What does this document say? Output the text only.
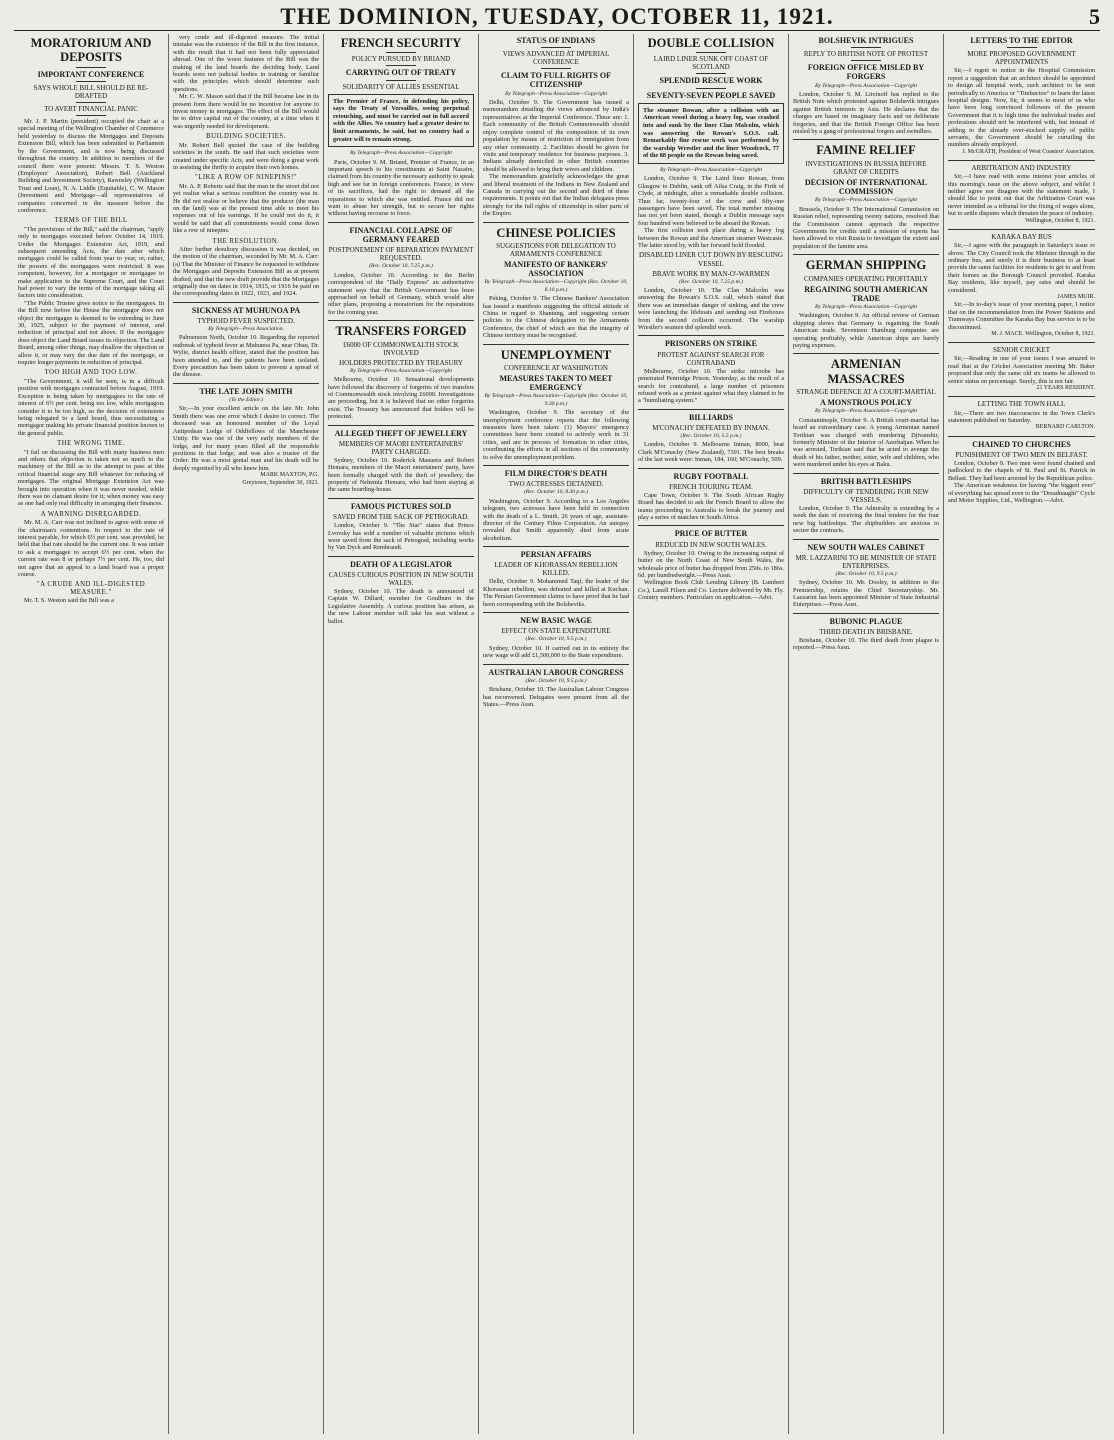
THE DOMINION, TUESDAY, OCTOBER 11, 1921.	5
MORATORIUM AND DEPOSITS
IMPORTANT CONFERENCE
SAYS WHOLE BILL SHOULD BE RE-DRAFTED
TO AVERT FINANCIAL PANIC

Mr. J. P. Martin (president) occupied the chair at a special meeting of the Wellington Chamber of Commerce held yesterday to discuss the Mortgages and Deposits Extension Bill, which has been submitted to Parliament by the Government, and is now being discussed throughout the country. In addition to members of the council there were present: Messrs. T. S. Weston (Employers' Association), Robert Bell (Auckland Building and Investment Society), Rawnsley (Wellington Trust and Loan), N. A. Liddle (Equitable), C. W. Mason (Investment and Mortgage—all representatives of companies concerned in the measure before the conference.

TERMS OF THE BILL

"The provisions of the Bill," said the chairman, "apply only to mortgages executed before October 14, 1919. Under the Mortgages Extension Act, 1919, and subsequent amending Acts, the date after which mortgages could be called from year to year, or, rather, the powers of the mortgagees were restricted. It was competent, however, for a mortgagor or mortgagee to make application to the Supreme Court, and the Court had power to vary the terms of the mortgage taking all factors into consideration.

"The Public Trustee gives notice to the mortgagees. In the Bill now before the House the mortgagor does not object the mortgagee is deemed to be extending to June 30, 1925, subject to the payment of interest, and reduction of principal and not above. If the mortgagee does object the Land Board issues its objection. The Land Board, among other things, may disallow the objection or allow it, or may vary the due date of the mortgage, or require longer payments in reduction of principal.

TOO HIGH AND TOO LOW.

"The Government, it will be seen, is in a difficult position with mortgages contracted before August, 1919. Exception is being taken by mortgagees to the rate of interest of 6½ per cent. being too low, while mortgagors consider it to be too high, so the decision of extensions being relegated to a land board, thus necessitating a mortgagor making his private financial position known to the general public.

THE WRONG TIME.

"I fail on discussing the Bill with many business men and others that objection is taken not so much to the machinery of the Bill as to the attempt to pass at this critical financial stage any Bill whatever for reducing of mortgages. The original Mortgage Extension Act was brought into operation when it was never needed, while there was no clamant desire for it; when money was easy as one had only real difficulty in arranging their finances.

A WARNING DISREGARDED.

Mr. M. A. Carr was not inclined to agree with some of the chairman's contentions. In respect to the rate of interest payable, for which 6½ per cent. was provided, he held that that rate should be the current one. It was unfair to ask a mortgagee to accept 6½ per cent. when the current rate was 8 or perhaps 7½ per cent. He, too, did not agree that an appeal to a land board was a proper course.

"A CRUDE AND ILL-DIGESTED MEASURE."

Mr. T. S. Weston said the Bill was a

very crude and ill-digested measure. The initial mistake was the existence of the Bill in the first instance, with the result that it had not been fully appreciated abroad. One of the worst features of the Bill was the making of the land boards the deciding body. Land boards were not judicial bodies in training or familiar with the principles which should determine such questions.

Mr. C. W. Mason said that if the Bill became law in its present form there would be no incentive for anyone to invest money in mortgages. The effect of the Bill would be to drive capital out of the country, at a time when it was urgently needed for development.

BUILDING SOCIETIES.

Mr. Robert Bell quoted the case of the building societies in the south. He said that such societies were created under specific Acts, and were doing a great work in assisting the thrifty to acquire their own homes.

"LIKE A ROW OF NINEPINS!"

Mr. A. P. Roberts said that the man in the street did not yet realise what a serious condition the country was in. He did not realise or believe that the producer (the man on the land) was at the present time able to meet his expenses out of his earnings. If he could not do it, it would be said that all commitments would come down like a row of ninepins.

THE RESOLUTION.

After further desultory discussion it was decided, on the motion of the chairman, seconded by Mr. M. A. Carr: (a) That the Minister of Finance be requested to withdraw the Mortgages and Deposits Extension Bill as at present drafted, and that the new draft provide that the Mortgages originally due on dates in 1914, 1915, or 1916 be paid on the corresponding dates in 1922, 1923, and 1924.

SICKNESS AT MUHUNOA PA
TYPHOID FEVER SUSPECTED.
By Telegraph—Press Association.

Palmerston North, October 10. Regarding the reported outbreak of typhoid fever at Muhunoa Pa, near Ohau, Dr. Wylie, district health officer, stated that the position has been attended to, and the patients have been isolated. Every precaution has been taken to prevent a spread of the disease.

THE LATE JOHN SMITH
(To the Editor.)

Sir,—In your excellent article on the late Mr. John Smith there was one error which I desire to correct. The deceased was an honoured member of the Loyal Antipodean Lodge of Oddfellows of the Manchester Unity. He was one of the very early members of the lodge, and for many years filled all the responsible positions in that lodge, and was also a trustee of the Order. He was a most genial man and his death will be deeply regretted by all who knew him.

MARK MAXTON, P.G.

Greytown, September 30, 1921.

FRENCH SECURITY
POLICY PURSUED BY BRIAND
CARRYING OUT OF TREATY
SOLIDARITY OF ALLIES ESSENTIAL
The Premier of France, in defending his policy, says the Treaty of Versailles, seeing perpetual retouching, and must be carried out in full accord with the Allies. No country had a greater desire to limit armaments, he said, but no country had a greater will to remain strong.
By Telegraph—Press Association—Copyright

Paris, October 9. M. Briand, Premier of France, in an important speech to his constituents at Saint Nazaire, claimed from his country the necessary authority to speak high and see far in foreign conferences. France, in view of its sacrifices, had the right to demand all the reparations to which she was entitled. France did not want to abuse her strength, but to secure her rights without having recourse to force.

FINANCIAL COLLAPSE OF GERMANY FEARED
POSTPONEMENT OF REPARATION PAYMENT REQUESTED.
(Rec. October 10, 7.25 p.m.)

London, October 10. According to the Berlin correspondent of the "Daily Express" an authoritative statement says that the British Government has been approached on behalf of Germany, which would alter other plans, proposing a moratorium for the reparations for the coming year.

TRANSFERS FORGED
£6000 OF COMMONWEALTH STOCK INVOLVED
HOLDERS PROTECTED BY TREASURY
By Telegraph—Press Association—Copyright

Melbourne, October 10. Sensational developments have followed the discovery of forgeries of two transfers of Commonwealth stock involving £6000. Investigations are proceeding, but it is believed that no other forgeries exist. The Treasury has announced that holders will be protected.

ALLEGED THEFT OF JEWELLERY
MEMBERS OF MAORI ENTERTAINERS' PARTY CHARGED.

Sydney, October 10. Roderick Manuera and Robert Hemara, members of the Maori entertainers' party, have been formally charged with the theft of jewellery, the property of Nehemia Hemara, who had been staying at the same boarding-house.

FAMOUS PICTURES SOLD
SAVED FROM THE SACK OF PETROGRAD.

London, October 9. "The Star" states that Prince Lvovsky has sold a number of valuable pictures which were saved from the sack of Petrograd, including works by Van Dyck and Rembrandt.

DEATH OF A LEGISLATOR
CAUSES CURIOUS POSITION IN NEW SOUTH WALES.

Sydney, October 10. The death is announced of Captain W. Dillard, member for Goulburn in the Legislative Assembly. A curious position has arisen, as the new Labour member will take his seat without a ballot.

STATUS OF INDIANS
VIEWS ADVANCED AT IMPERIAL CONFERENCE
CLAIM TO FULL RIGHTS OF CITIZENSHIP
By Telegraph—Press Association—Copyright

Delhi, October 9. The Government has issued a memorandum detailing the views advanced by India's representatives at the Imperial Conference. These are: 1. Each community of the British Commonwealth should enjoy complete control of the composition of its own population by means of restriction of immigration from any other community. 2. Facilities should be given for visits and temporary residence for business purposes. 3. Indians already domiciled in other British countries should be allowed to bring their wives and children.

The memorandum gratefully acknowledges the great and liberal treatment of the Indians in New Zealand and Canada in carrying out the second and third of these requirements. It points out that the Indian delegates press strongly for the full rights of citizenship in other parts of the Empire.

CHINESE POLICIES
SUGGESTIONS FOR DELEGATION TO ARMAMENTS CONFERENCE
MANIFESTO OF BANKERS' ASSOCIATION
By Telegraph—Press Association—Copyright (Rec. October 10, 8.10 p.m.)

Peking, October 9. The Chinese Bankers' Association has issued a manifesto suggesting the official attitude of China in regard to Shantung, and suggesting certain policies to the Chinese delegation to the Armaments Conference, the chief of which are that the integrity of Chinese territory must be recognised.

UNEMPLOYMENT
CONFERENCE AT WASHINGTON
MEASURES TAKEN TO MEET EMERGENCY
By Telegraph—Press Association—Copyright (Rec. October 10, 9.30 p.m.)

Washington, October 9. The secretary of the unemployment conference reports that the following measures have been taken: (1) Mayors' emergency committees have been created to actively work in 31 cities, and are in process of formation in other cities, coordinating the efforts in all sections of the community to solve the unemployment problem.

FILM DIRECTOR'S DEATH
TWO ACTRESSES DETAINED.
(Rec. October 10, 8.30 p.m.)

Washington, October 9. According to a Los Angeles telegram, two actresses have been held in connection with the death of a L. Smith, 26 years of age, assistant-director of the Century Films Corporation. An autopsy revealed that Smith apparently died from acute alcoholism.

PERSIAN AFFAIRS
LEADER OF KHORASSAN REBELLION KILLED.

Delhi, October 9. Mohammed Taqi, the leader of the Khorassan rebellion, was defeated and killed at Kuchan. The Persian Government claims to have proof that he had been corresponding with the Bolsheviks.

NEW BASIC WAGE
EFFECT ON STATE EXPENDITURE
(Rec. October 10, 9.5 p.m.)

Sydney, October 10. If carried out in its entirety the new wage will add £1,500,000 to the State expenditure.

AUSTRALIAN LABOUR CONGRESS
(Rec. October 10, 9.5 p.m.)

Brisbane, October 10. The Australian Labour Congress has reconvened. Delegates were present from all the States.—Press Assn.

DOUBLE COLLISION
LAIRD LINER SUNK OFF COAST OF SCOTLAND
SPLENDID RESCUE WORK
SEVENTY-SEVEN PEOPLE SAVED
The steamer Rowan, after a collision with an American vessel during a heavy fog, was crashed into and sunk by the liner Clan Malcolm, which was answering the Rowan's S.O.S. call. Remarkably fine rescue work was performed by the warship Wrestler and the liner Woodcock, 77 of the 88 people on the Rowan being saved.
By Telegraph—Press Association—Copyright

London, October 9. The Laird liner Rowan, from Glasgow to Dublin, sank off Ailsa Craig, in the Firth of Clyde, at midnight, after a remarkable double collision. Thus far, twenty-four of the crew and fifty-one passengers have been saved. The total number missing has not yet been stated, though a Dublin message says four hundred were believed to be aboard the Rowan.

The first collision took place during a heavy fog between the Rowan and the American steamer Westcaste. The latter stood by, with her forward hold flooded.

DISABLED LINER CUT DOWN BY RESCUING VESSEL
BRAVE WORK BY MAN-O'-WARMEN
(Rec. October 10, 7.25 p.m.)

London, October 10. The Clan Malcolm was answering the Rowan's S.O.S. call, which stated that there was an immediate danger of sinking, and the crew were launching the lifeboats and sending out Fireboxes from the second collision occurred. The warship Wrestler's seamen did splendid work.

PRISONERS ON STRIKE
PROTEST AGAINST SEARCH FOR CONTRABAND

Melbourne, October 10. The strike microbe has penetrated Pentridge Prison. Yesterday, as the result of a search for contraband, a large number of prisoners refused work as a protest against what they claimed to be a "humiliating system."

BILLIARDS
M'CONACHY DEFEATED BY INMAN.
(Rec. October 10, 5.5 p.m.)

London, October 9. Melbourne Inman, 8000, beat Clark M'Conachy (New Zealand), 7391. The best breaks of the last week were: Inman, 184, 160; M'Conachy, 509.

RUGBY FOOTBALL
FRENCH TOURING TEAM.

Cape Town, October 9. The South African Rugby Board has decided to ask the French Board to allow the teams proceeding to Australia to break the journey and play a series of matches in South Africa.

PRICE OF BUTTER
REDUCED IN NEW SOUTH WALES.

Sydney, October 10. Owing to the increasing output of butter on the North Coast of New South Wales, the wholesale price of butter has dropped from 250s. to 186s. 6d. per hundredweight.—Press Assn.

Wellington Book Club Lending Library (B. Lumbert Co.), Lanell Filsen and Co. Lecture delivered by Mr. Fly. Country members. Particulars on application.—Advt.

BOLSHEVIK INTRIGUES
REPLY TO BRITISH NOTE OF PROTEST
FOREIGN OFFICE MISLED BY FORGERS
By Telegraph—Press Association—Copyright

London, October 9. M. Litvinoff has replied to the British Note which protested against Bolshevik intrigues against British interests in Asia. He declares that the charges are based on imaginary facts and on deliberate forgeries, and that the British Foreign Office has been misled by a gang of professional forgers and swindlers.

FAMINE RELIEF
INVESTIGATIONS IN RUSSIA BEFORE GRANT OF CREDITS
DECISION OF INTERNATIONAL COMMISSION
By Telegraph—Press Association—Copyright

Brussels, October 9. The International Commission on Russian relief, representing twenty nations, resolved that the Commission cannot approach the respective Governments for credits until a mission of experts has been allowed to visit Russia to investigate the extent and population of the famine area.

GERMAN SHIPPING
COMPANIES OPERATING PROFITABLY
REGAINING SOUTH AMERICAN TRADE
By Telegraph—Press Association—Copyright

Washington, October 9. An official review of German shipping shows that Germany is regaining the South American trade. Seventeen Hamburg companies are operating profitably, while American ships are barely paying expenses.

ARMENIAN MASSACRES
STRANGE DEFENCE AT A COURT-MARTIAL
A MONSTROUS POLICY
By Telegraph—Press Association—Copyright

Constantinople, October 9. A British court-martial has heard an extraordinary case. A young Armenian named Torikian was charged with murdering Djivanshir, formerly Minister of the Interior of Azerbaijan. When he was arrested, Torikian said that he acted to avenge the death of his father, mother, sister, wife and children, who were murdered under his eyes at Baku.

BRITISH BATTLESHIPS
DIFFICULTY OF TENDERING FOR NEW VESSELS.

London, October 9. The Admiralty is extending by a week the date of receiving the final tenders for the four new big battleships. The shipbuilders are anxious to secure the contracts.

NEW SOUTH WALES CABINET
MR. LAZZARINI TO BE MINISTER OF STATE ENTERPRISES.
(Rec. October 10, 9.5 p.m.)

Sydney, October 10. Mr. Dooley, in addition to the Premiership, retains the Chief Secretaryship. Mr. Lazzarini has been appointed Minister of State Industrial Enterprises.—Press Assn.

BUBONIC PLAGUE
THIRD DEATH IN BRISBANE.

Brisbane, October 10. The third death from plague is reported.—Press Assn.

LETTERS TO THE EDITOR
MORE PROPOSED GOVERNMENT APPOINTMENTS

Sir,—I regret to notice in the Hospital Commission report a suggestion that an architect should be appointed to design all hospital work, such architect to be sent periodically to America or "Timbuctoo" to learn the latest hospital designs. Now, Sir, it seems to most of us who have been long convinced followers of the present Government that it is high time the individual trades and professions should not be interfered with, but instead of adding to the already over-stocked supply of public servants, the Government should be curtailing the numbers already employed.

J. McGRATH, President of West Coasters' Association.

ARBITRATION AND INDUSTRY

Sir,—I have read with some interest your articles of this morning's issue on the above subject, and whilst I neither agree nor disagree with the statement made, I should like to point out that the Arbitration Court was never intended as a tribunal for the fixing of wages alone, but to settle disputes which threaten the peace of industry.

Wellington, October 8, 1921.

KARAKA BAY BUS

Sir,—I agree with the paragraph in Saturday's issue re above. The City Council took the Minister through in the ordinary bus, and surely it is their business to at least provide the same facilities for residents to get to and from their homes as the Borough Council provided. Karaka Bay residents, like myself, pay rates and should be considered.

JAMES MUIR.

Sir,—In to-day's issue of your morning paper, I notice that on the recommendation from the Power Stations and Tramways Committee the Karaka Bay bus service is to be discontinued.

M. J. MACE. Wellington, October 8, 1921.

SENIOR CRICKET

Sir,—Reading in one of your issues I was amazed to read that at the Cricket Association meeting Mr. Baker proposed that only the same old six teams be allowed to senior status on percentage. Surely, this is not fair.

21 YEARS RESIDENT.

LETTING THE TOWN HALL

Sir,—There are two inaccuracies in the Town Clerk's statement published on Saturday.

BERNARD CARLTON.

CHAINED TO CHURCHES
PUNISHMENT OF TWO MEN IN BELFAST.

London, October 9. Two men were found chained and padlocked to the chapels of St. Paul and St. Patrick in Belfast. They had been arrested by the Republican police.

The American weakness for having "the biggest ever" of everything has spread even to the "Dreadnaught" Cycle and Motor Supplies, Ltd., Wellington.—Advt.
